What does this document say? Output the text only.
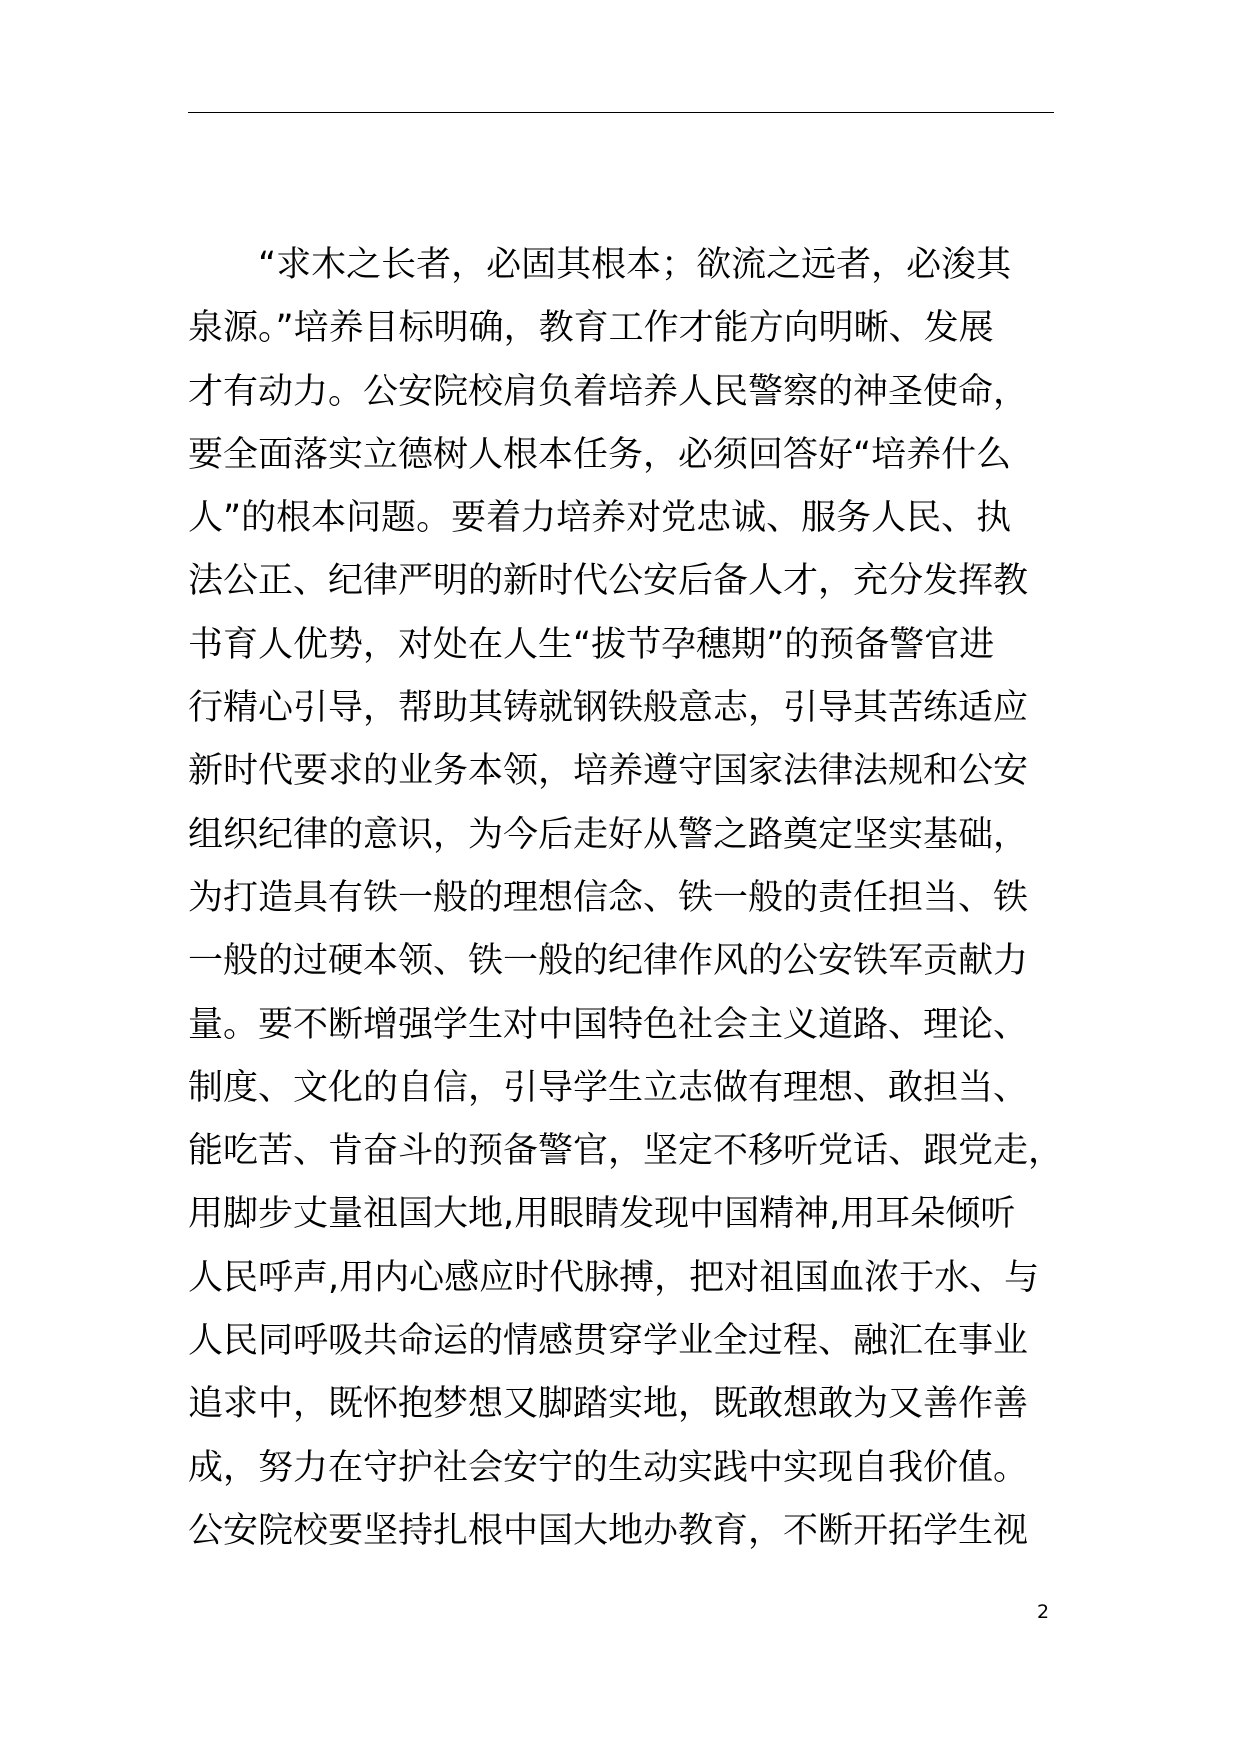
　　“求木之长者，必固其根本；欲流之远者，必浚其
泉源。”培养目标明确，教育工作才能方向明晰、发展
才有动力。公安院校肩负着培养人民警察的神圣使命，
要全面落实立德树人根本任务，必须回答好“培养什么
人”的根本问题。要着力培养对党忠诚、服务人民、执
法公正、纪律严明的新时代公安后备人才，充分发挥教
书育人优势，对处在人生“拔节孕穗期”的预备警官进
行精心引导，帮助其铸就钢铁般意志，引导其苦练适应
新时代要求的业务本领，培养遵守国家法律法规和公安
组织纪律的意识，为今后走好从警之路奠定坚实基础，
为打造具有铁一般的理想信念、铁一般的责任担当、铁
一般的过硬本领、铁一般的纪律作风的公安铁军贡献力
量。要不断增强学生对中国特色社会主义道路、理论、
制度、文化的自信，引导学生立志做有理想、敢担当、
能吃苦、肯奋斗的预备警官，坚定不移听党话、跟党走，
用脚步丈量祖国大地,用眼睛发现中国精神,用耳朵倾听
人民呼声,用内心感应时代脉搏，把对祖国血浓于水、与
人民同呼吸共命运的情感贯穿学业全过程、融汇在事业
追求中，既怀抱梦想又脚踏实地，既敢想敢为又善作善
成，努力在守护社会安宁的生动实践中实现自我价值。
公安院校要坚持扎根中国大地办教育，不断开拓学生视
2
